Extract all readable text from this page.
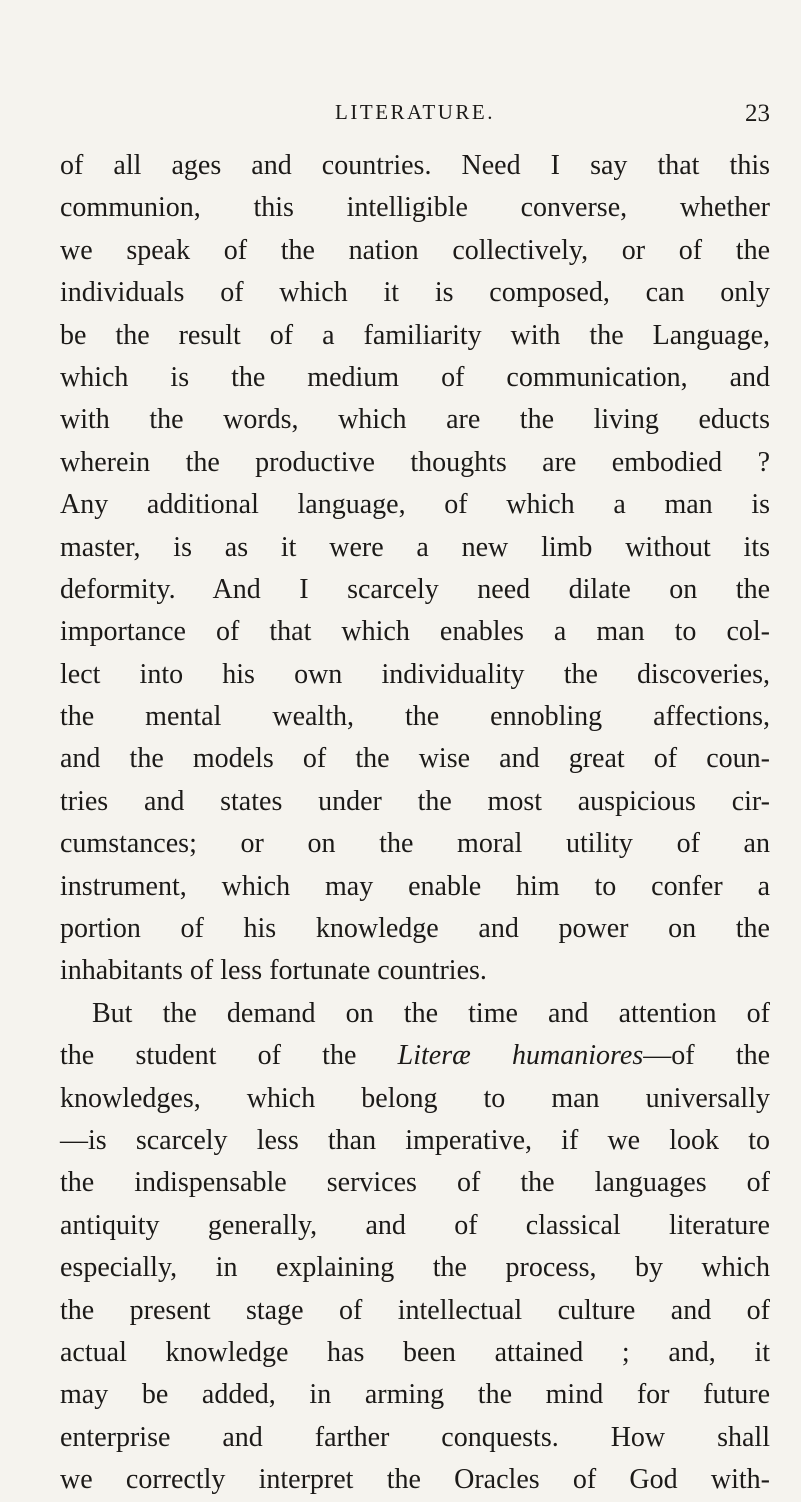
LITERATURE.	23
of all ages and countries. Need I say that this
communion, this intelligible converse, whether
we speak of the nation collectively, or of the
individuals of which it is composed, can only
be the result of a familiarity with the Language,
which is the medium of communication, and
with the words, which are the living educts
wherein the productive thoughts are embodied ?
Any additional language, of which a man is
master, is as it were a new limb without its
deformity. And I scarcely need dilate on the
importance of that which enables a man to col-
lect into his own individuality the discoveries,
the mental wealth, the ennobling affections,
and the models of the wise and great of coun-
tries and states under the most auspicious cir-
cumstances; or on the moral utility of an
instrument, which may enable him to confer a
portion of his knowledge and power on the
inhabitants of less fortunate countries.
But the demand on the time and attention of
the student of the Literæ humaniores—of the
knowledges, which belong to man universally
—is scarcely less than imperative, if we look to
the indispensable services of the languages of
antiquity generally, and of classical literature
especially, in explaining the process, by which
the present stage of intellectual culture and of
actual knowledge has been attained ; and, it
may be added, in arming the mind for future
enterprise and farther conquests. How shall
we correctly interpret the Oracles of God with-
